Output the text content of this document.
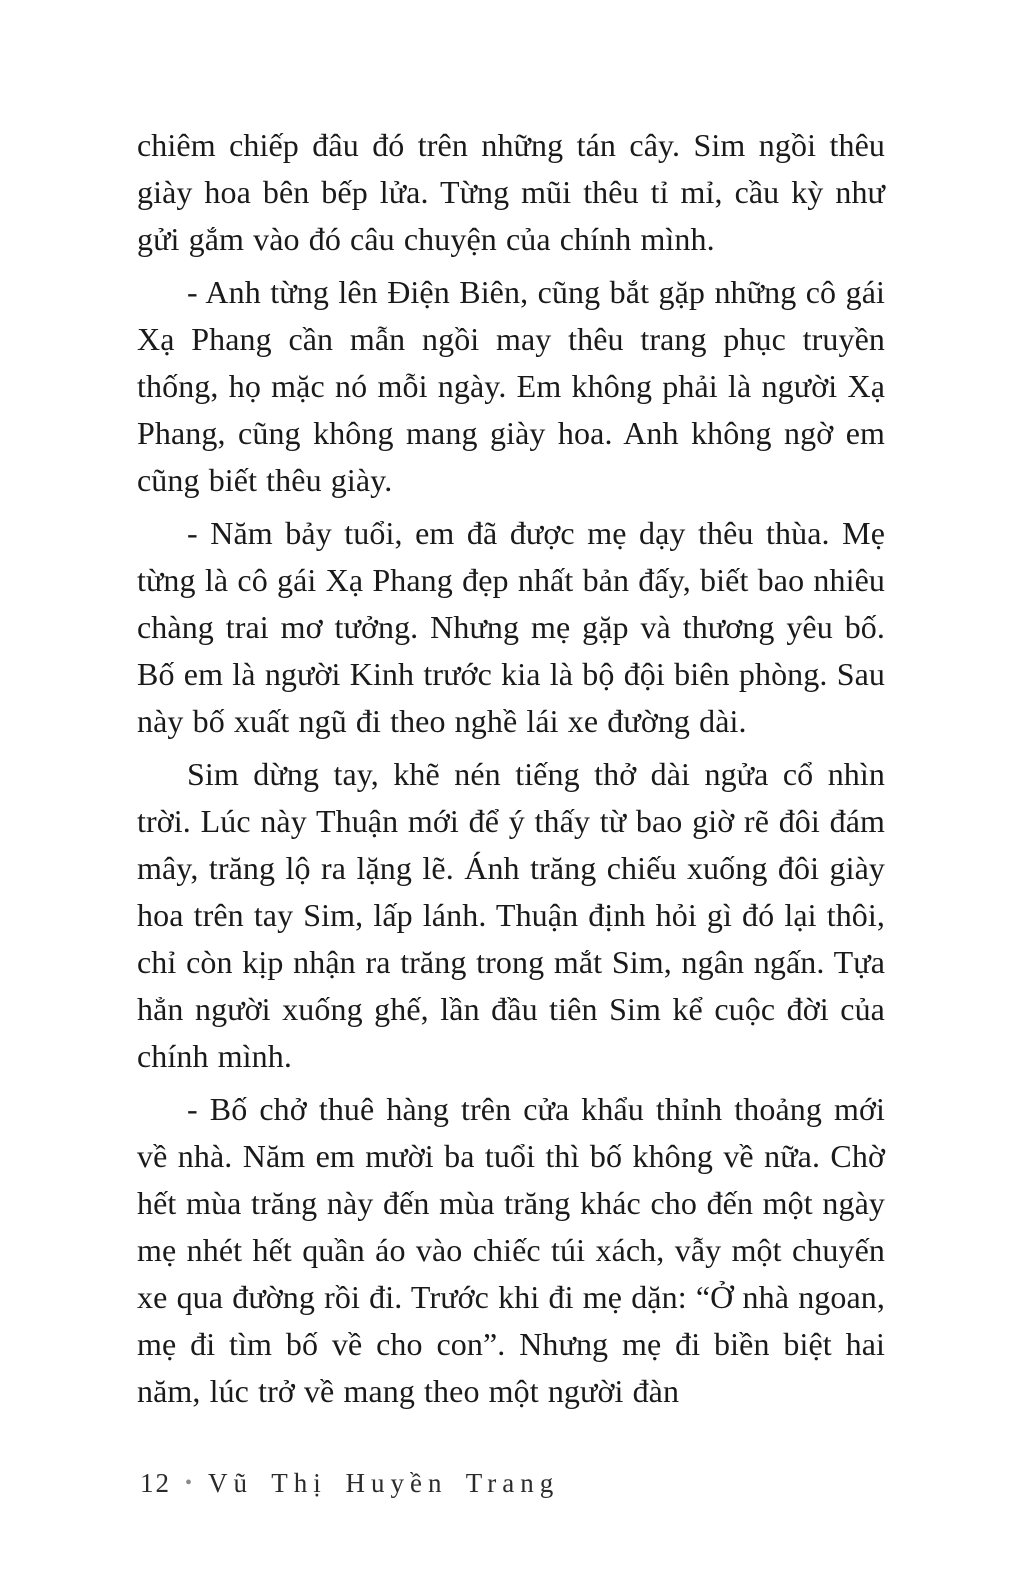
chiêm chiếp đâu đó trên những tán cây. Sim ngồi thêu giày hoa bên bếp lửa. Từng mũi thêu tỉ mỉ, cầu kỳ như gửi gắm vào đó câu chuyện của chính mình.

- Anh từng lên Điện Biên, cũng bắt gặp những cô gái Xạ Phang cần mẫn ngồi may thêu trang phục truyền thống, họ mặc nó mỗi ngày. Em không phải là người Xạ Phang, cũng không mang giày hoa. Anh không ngờ em cũng biết thêu giày.

- Năm bảy tuổi, em đã được mẹ dạy thêu thùa. Mẹ từng là cô gái Xạ Phang đẹp nhất bản đấy, biết bao nhiêu chàng trai mơ tưởng. Nhưng mẹ gặp và thương yêu bố. Bố em là người Kinh trước kia là bộ đội biên phòng. Sau này bố xuất ngũ đi theo nghề lái xe đường dài.

Sim dừng tay, khẽ nén tiếng thở dài ngửa cổ nhìn trời. Lúc này Thuận mới để ý thấy từ bao giờ rẽ đôi đám mây, trăng lộ ra lặng lẽ. Ánh trăng chiếu xuống đôi giày hoa trên tay Sim, lấp lánh. Thuận định hỏi gì đó lại thôi, chỉ còn kịp nhận ra trăng trong mắt Sim, ngân ngấn. Tựa hẳn người xuống ghế, lần đầu tiên Sim kể cuộc đời của chính mình.

- Bố chở thuê hàng trên cửa khẩu thỉnh thoảng mới về nhà. Năm em mười ba tuổi thì bố không về nữa. Chờ hết mùa trăng này đến mùa trăng khác cho đến một ngày mẹ nhét hết quần áo vào chiếc túi xách, vẫy một chuyến xe qua đường rồi đi. Trước khi đi mẹ dặn: “Ở nhà ngoan, mẹ đi tìm bố về cho con”. Nhưng mẹ đi biền biệt hai năm, lúc trở về mang theo một người đàn

12 • Vũ Thị Huyền Trang
